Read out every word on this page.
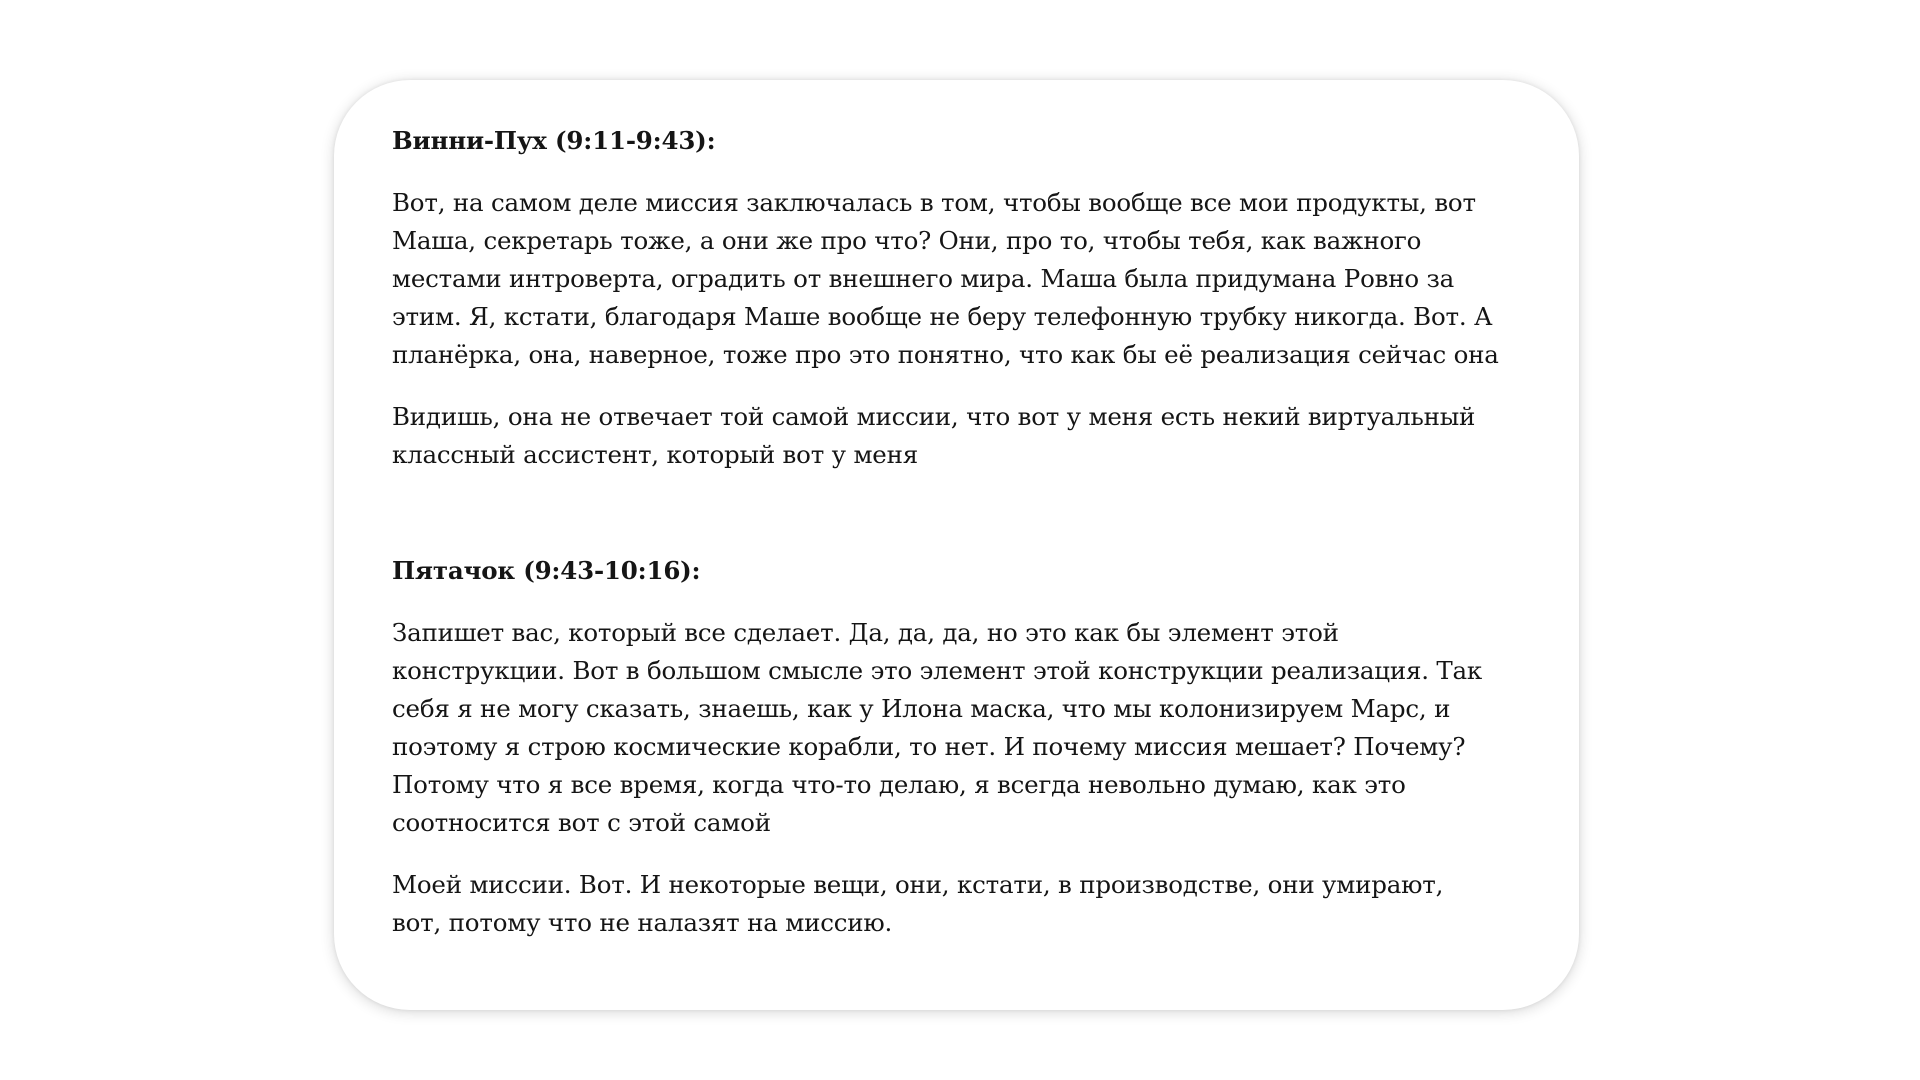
Винни-Пух (9:11-9:43):

Вот, на самом деле миссия заключалась в том, чтобы вообще все мои продукты, вот Маша, секретарь тоже, а они же про что? Они, про то, чтобы тебя, как важного местами интроверта, оградить от внешнего мира. Маша была придумана Ровно за этим. Я, кстати, благодаря Маше вообще не беру телефонную трубку никогда. Вот. А планёрка, она, наверное, тоже про это понятно, что как бы её реализация сейчас она

Видишь, она не отвечает той самой миссии, что вот у меня есть некий виртуальный классный ассистент, который вот у меня

Пятачок (9:43-10:16):

Запишет вас, который все сделает. Да, да, да, но это как бы элемент этой конструкции. Вот в большом смысле это элемент этой конструкции реализация. Так себя я не могу сказать, знаешь, как у Илона маска, что мы колонизируем Марс, и поэтому я строю космические корабли, то нет. И почему миссия мешает? Почему? Потому что я все время, когда что-то делаю, я всегда невольно думаю, как это соотносится вот с этой самой

Моей миссии. Вот. И некоторые вещи, они, кстати, в производстве, они умирают, вот, потому что не налазят на миссию.
